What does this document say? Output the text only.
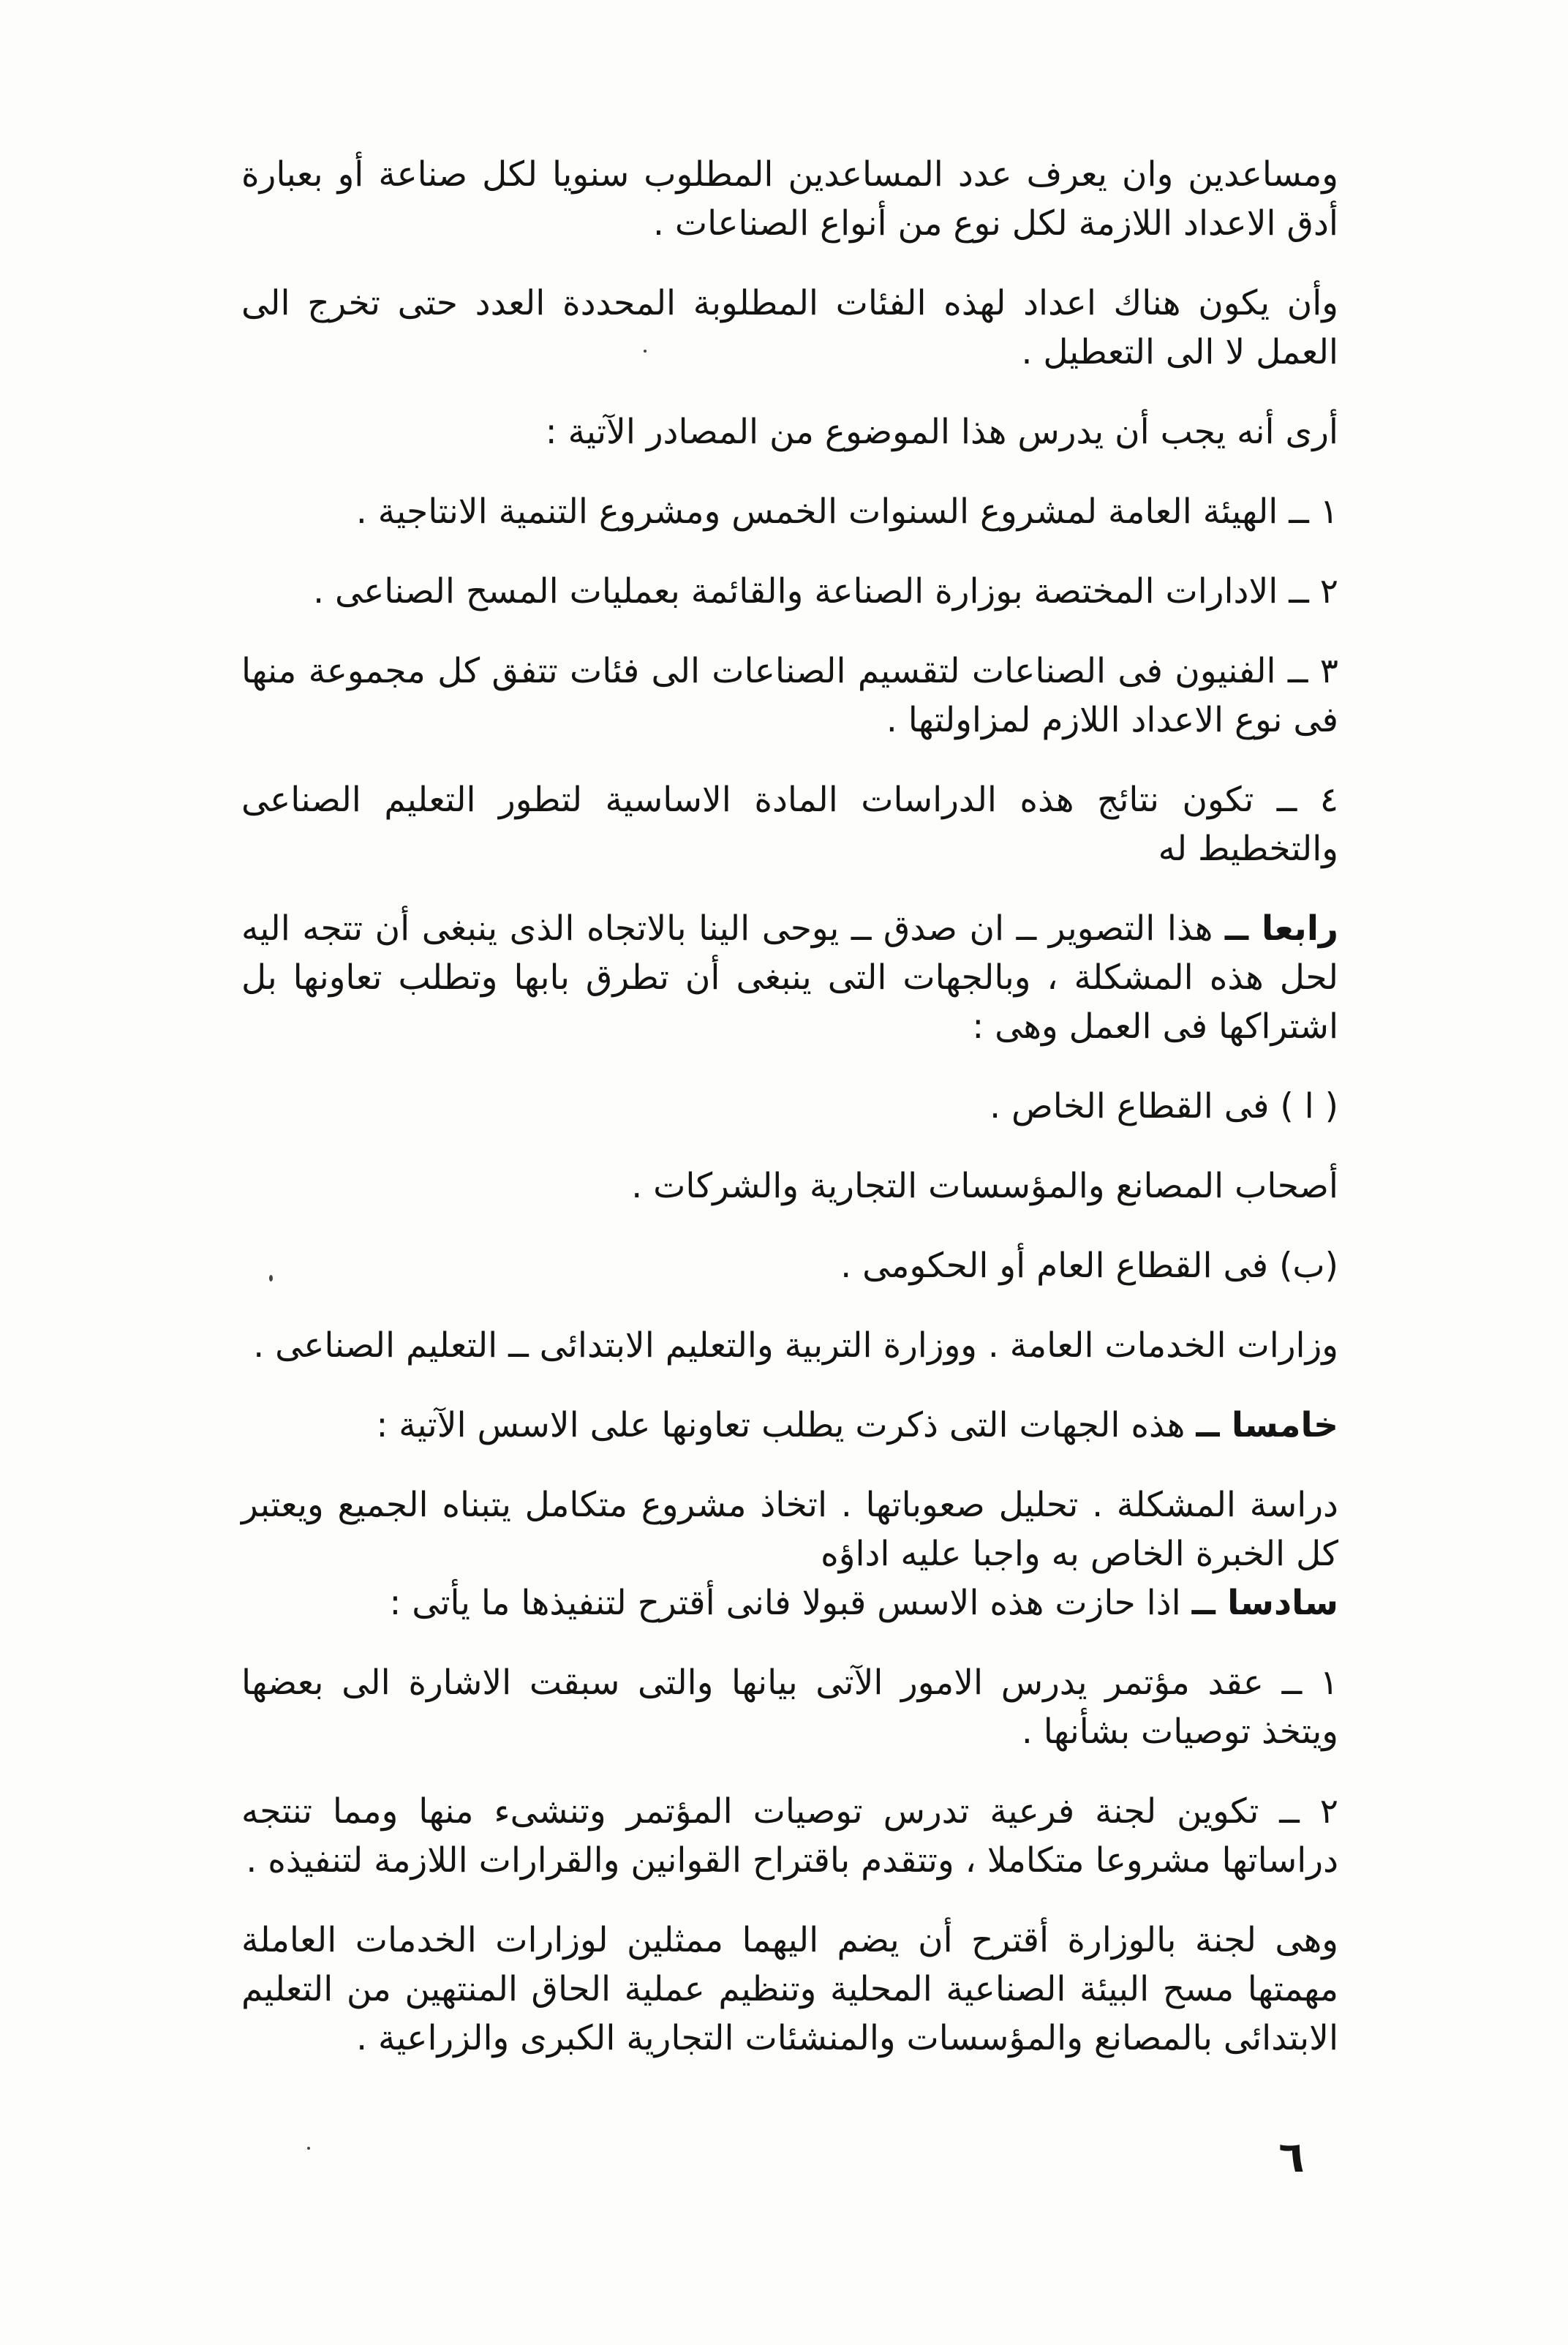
ومساعدين وان يعرف عدد المساعدين المطلوب سنويا لكل صناعة أو بعبارة أدق الاعداد اللازمة لكل نوع من أنواع الصناعات .

وأن يكون هناك اعداد لهذه الفئات المطلوبة المحددة العدد حتى تخرج الى العمل لا الى التعطيل .

أرى أنه يجب أن يدرس هذا الموضوع من المصادر الآتية :

١ ــ الهيئة العامة لمشروع السنوات الخمس ومشروع التنمية الانتاجية .

٢ ــ الادارات المختصة بوزارة الصناعة والقائمة بعمليات المسح الصناعى .

٣ ــ الفنيون فى الصناعات لتقسيم الصناعات الى فئات تتفق كل مجموعة منها فى نوع الاعداد اللازم لمزاولتها .

٤ ــ تكون نتائج هذه الدراسات المادة الاساسية لتطور التعليم الصناعى والتخطيط له

رابعا ــ هذا التصوير ــ ان صدق ــ يوحى الينا بالاتجاه الذى ينبغى أن تتجه اليه لحل هذه المشكلة ، وبالجهات التى ينبغى أن تطرق بابها وتطلب تعاونها بل اشتراكها فى العمل وهى :

( ا ) فى القطاع الخاص .

أصحاب المصانع والمؤسسات التجارية والشركات .

(ب) فى القطاع العام أو الحكومى .

وزارات الخدمات العامة . ووزارة التربية والتعليم الابتدائى ــ التعليم الصناعى .

خامسا ــ هذه الجهات التى ذكرت يطلب تعاونها على الاسس الآتية :

دراسة المشكلة . تحليل صعوباتها . اتخاذ مشروع متكامل يتبناه الجميع ويعتبر كل الخبرة الخاص به واجبا عليه اداؤه

سادسا ــ اذا حازت هذه الاسس قبولا فانى أقترح لتنفيذها ما يأتى :

١ ــ عقد مؤتمر يدرس الامور الآتى بيانها والتى سبقت الاشارة الى بعضها ويتخذ توصيات بشأنها .

٢ ــ تكوين لجنة فرعية تدرس توصيات المؤتمر وتنشىء منها ومما تنتجه دراساتها مشروعا متكاملا ، وتتقدم باقتراح القوانين والقرارات اللازمة لتنفيذه .

وهى لجنة بالوزارة أقترح أن يضم اليهما ممثلين لوزارات الخدمات العاملة مهمتها مسح البيئة الصناعية المحلية وتنظيم عملية الحاق المنتهين من التعليم الابتدائى بالمصانع والمؤسسات والمنشئات التجارية الكبرى والزراعية .

٦
